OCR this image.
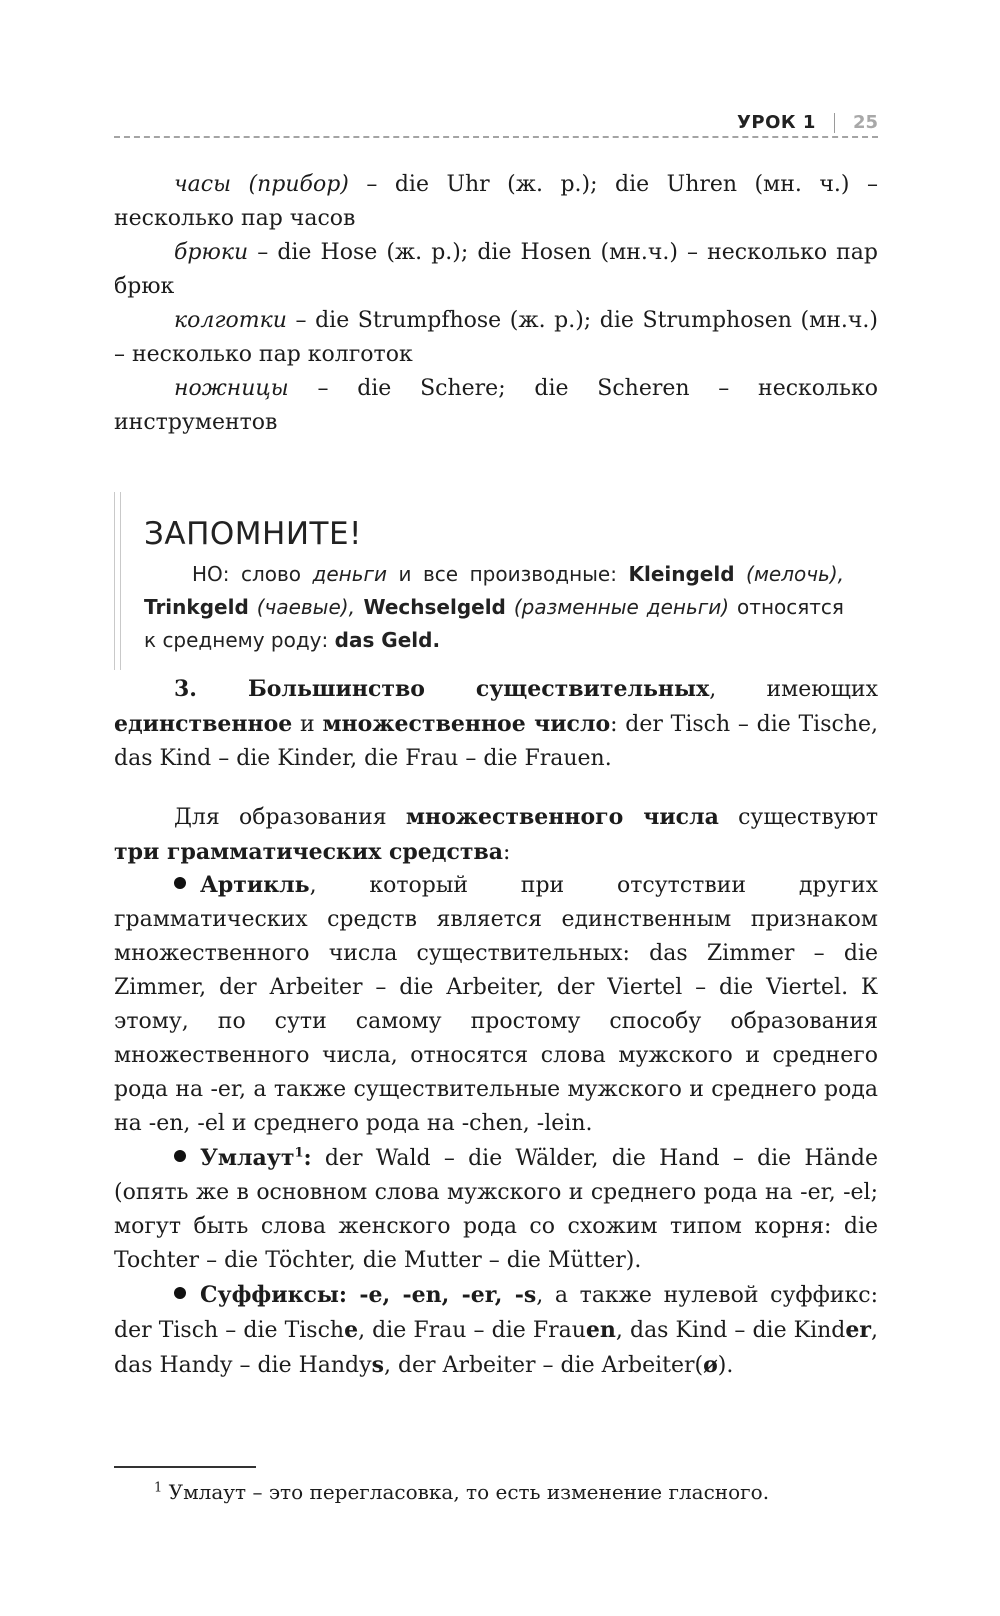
УРОК 1 25

часы (прибор) – die Uhr (ж. р.); die Uhren (мн. ч.) – несколько пар часов

брюки – die Hose (ж. р.); die Hosen (мн.ч.) – несколько пар брюк

колготки – die Strumpfhose (ж. р.); die Strumphosen (мн.ч.) – несколько пар колготок

ножницы – die Schere; die Scheren – несколько инструментов

ЗАПОМНИТЕ!

НО: слово деньги и все производные: Kleingeld (мелочь), Trinkgeld (чаевые), Wechselgeld (разменные деньги) относятся к среднему роду: das Geld.

3. Большинство существительных, имеющих единственное и множественное число: der Tisch – die Tische, das Kind – die Kinder, die Frau – die Frauen.

Для образования множественного числа существуют три грамматических средства:

Артикль, который при отсутствии других грамматических средств является единственным признаком множественного числа существительных: das Zimmer – die Zimmer, der Arbeiter – die Arbeiter, der Viertel – die Viertel. К этому, по сути самому простому способу образования множественного числа, относятся слова мужского и среднего рода на -er, а также существительные мужского и среднего рода на -en, -el и среднего рода на -chen, -lein.

Умлаут$^1$: der Wald – die Wälder, die Hand – die Hände (опять же в основном слова мужского и среднего рода на -er, -el; могут быть слова женского рода со схожим типом корня: die Tochter – die Töchter, die Mutter – die Mütter).

Суффиксы: -e, -en, -er, -s, а также нулевой суффикс: der Tisch – die Tische, die Frau – die Frauen, das Kind – die Kinder, das Handy – die Handys, der Arbeiter – die Arbeiter(ø).

$^1$ Умлаут – это перегласовка, то есть изменение гласного.
